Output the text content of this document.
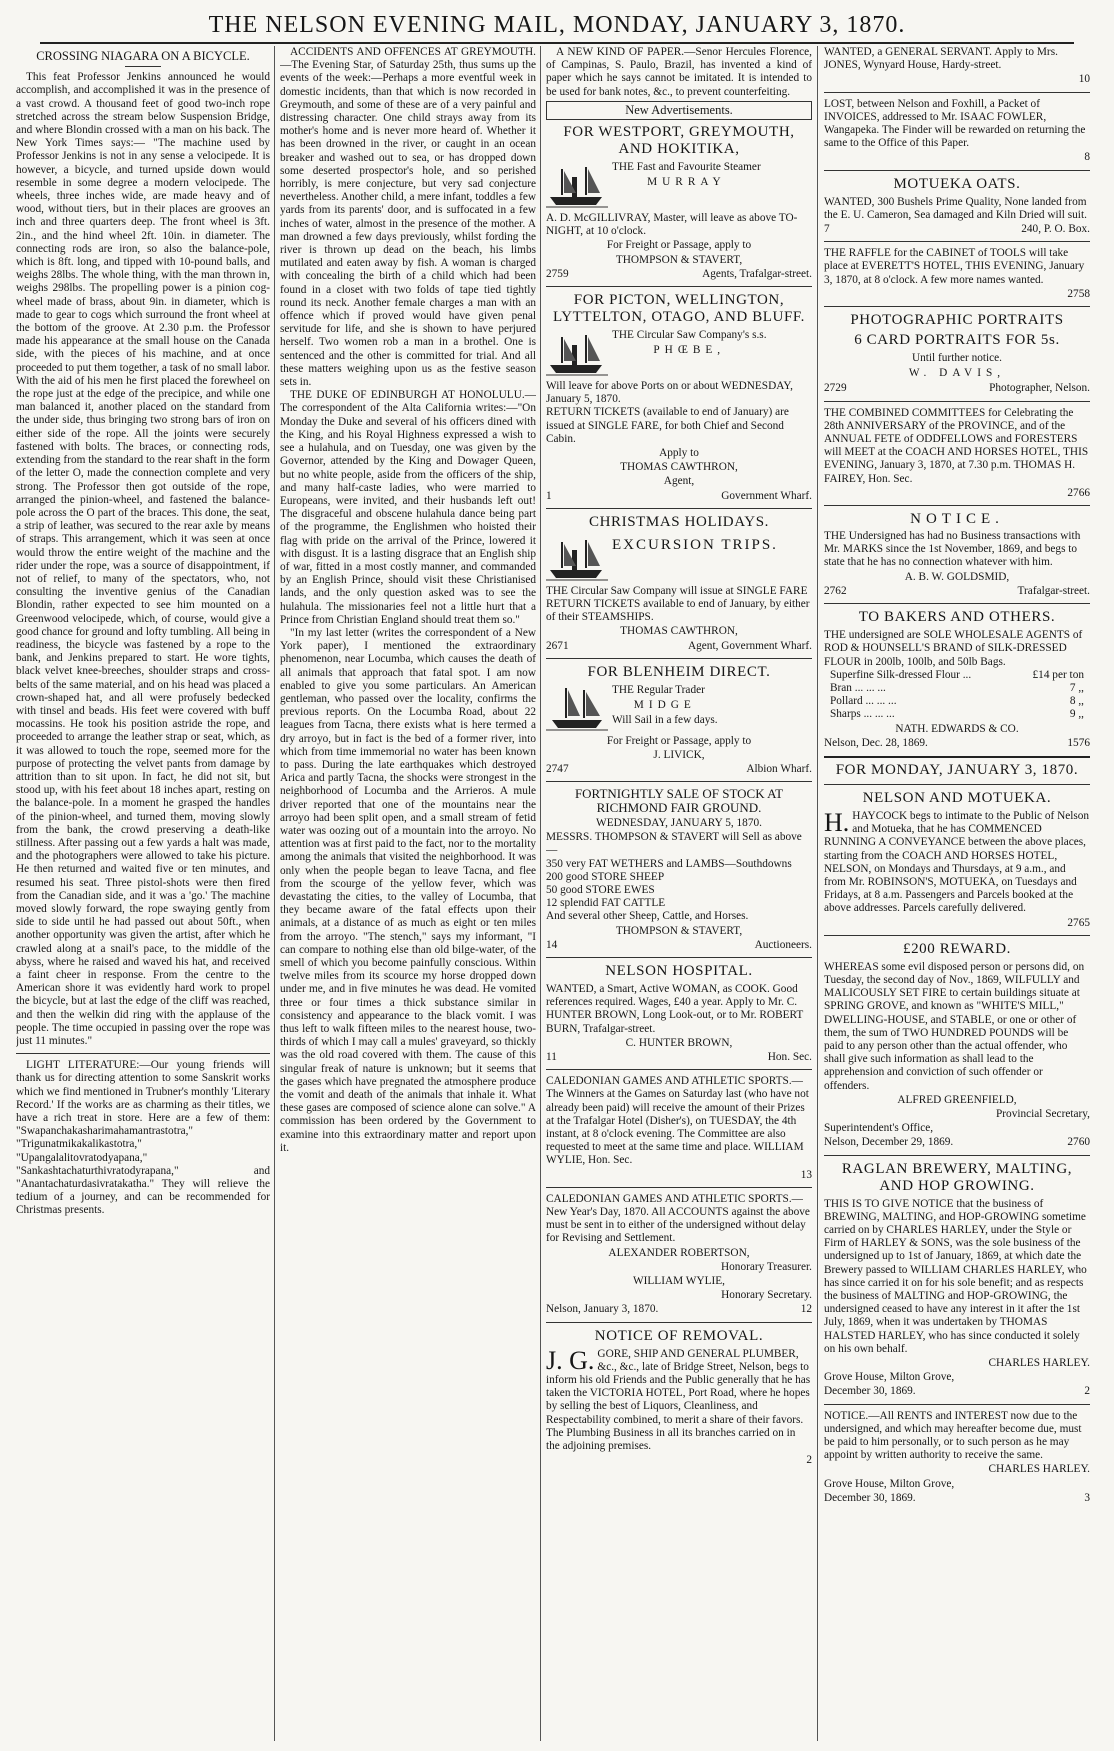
THE NELSON EVENING MAIL, MONDAY, JANUARY 3, 1870.
CROSSING NIAGARA ON A BICYCLE.

This feat Professor Jenkins announced he would accomplish, and accomplished it was in the presence of a vast crowd. A thousand feet of good two-inch rope stretched across the stream below Suspension Bridge, and where Blondin crossed with a man on his back. The New York Times says:— "The machine used by Professor Jenkins is not in any sense a velocipede. It is however, a bicycle, and turned upside down would resemble in some degree a modern velocipede. The wheels, three inches wide, are made heavy and of wood, without tiers, but in their places are grooves an inch and three quarters deep. The front wheel is 3ft. 2in., and the hind wheel 2ft. 10in. in diameter. The connecting rods are iron, so also the balance-pole, which is 8ft. long, and tipped with 10-pound balls, and weighs 28lbs. The whole thing, with the man thrown in, weighs 298lbs. The propelling power is a pinion cog-wheel made of brass, about 9in. in diameter, which is made to gear to cogs which surround the front wheel at the bottom of the groove. At 2.30 p.m. the Professor made his appearance at the small house on the Canada side, with the pieces of his machine, and at once proceeded to put them together, a task of no small labor. With the aid of his men he first placed the forewheel on the rope just at the edge of the precipice, and while one man balanced it, another placed on the standard from the under side, thus bringing two strong bars of iron on either side of the rope. All the joints were securely fastened with bolts. The braces, or connecting rods, extending from the standard to the rear shaft in the form of the letter O, made the connection complete and very strong. The Professor then got outside of the rope, arranged the pinion-wheel, and fastened the balance-pole across the O part of the braces. This done, the seat, a strip of leather, was secured to the rear axle by means of straps. This arrangement, which it was seen at once would throw the entire weight of the machine and the rider under the rope, was a source of disappointment, if not of relief, to many of the spectators, who, not consulting the inventive genius of the Canadian Blondin, rather expected to see him mounted on a Greenwood velocipede, which, of course, would give a good chance for ground and lofty tumbling. All being in readiness, the bicycle was fastened by a rope to the bank, and Jenkins prepared to start. He wore tights, black velvet knee-breeches, shoulder straps and cross-belts of the same material, and on his head was placed a crown-shaped hat, and all were profusely bedecked with tinsel and beads. His feet were covered with buff mocassins. He took his position astride the rope, and proceeded to arrange the leather strap or seat, which, as it was allowed to touch the rope, seemed more for the purpose of protecting the velvet pants from damage by attrition than to sit upon. In fact, he did not sit, but stood up, with his feet about 18 inches apart, resting on the balance-pole. In a moment he grasped the handles of the pinion-wheel, and turned them, moving slowly from the bank, the crowd preserving a death-like stillness. After passing out a few yards a halt was made, and the photographers were allowed to take his picture. He then returned and waited five or ten minutes, and resumed his seat. Three pistol-shots were then fired from the Canadian side, and it was a 'go.' The machine moved slowly forward, the rope swaying gently from side to side until he had passed out about 50ft., when another opportunity was given the artist, after which he crawled along at a snail's pace, to the middle of the abyss, where he raised and waved his hat, and received a faint cheer in response. From the centre to the American shore it was evidently hard work to propel the bicycle, but at last the edge of the cliff was reached, and then the welkin did ring with the applause of the people. The time occupied in passing over the rope was just 11 minutes."

LIGHT LITERATURE:—Our young friends will thank us for directing attention to some Sanskrit works which we find mentioned in Trubner's monthly 'Literary Record.' If the works are as charming as their titles, we have a rich treat in store. Here are a few of them: "Swapanchakasharimahamantrastotra," "Trigunatmikakalikastotra," "Upangalalitovratodyapana," "Sankashtachaturthivratodyrapana," and "Anantachaturdasivratakatha." They will relieve the tedium of a journey, and can be recommended for Christmas presents.

ACCIDENTS AND OFFENCES AT GREYMOUTH.—The Evening Star, of Saturday 25th, thus sums up the events of the week:—Perhaps a more eventful week in domestic incidents, than that which is now recorded in Greymouth, and some of these are of a very painful and distressing character. One child strays away from its mother's home and is never more heard of. Whether it has been drowned in the river, or caught in an ocean breaker and washed out to sea, or has dropped down some deserted prospector's hole, and so perished horribly, is mere conjecture, but very sad conjecture nevertheless. Another child, a mere infant, toddles a few yards from its parents' door, and is suffocated in a few inches of water, almost in the presence of the mother. A man drowned a few days previously, whilst fording the river is thrown up dead on the beach, his limbs mutilated and eaten away by fish. A woman is charged with concealing the birth of a child which had been found in a closet with two folds of tape tied tightly round its neck. Another female charges a man with an offence which if proved would have given penal servitude for life, and she is shown to have perjured herself. Two women rob a man in a brothel. One is sentenced and the other is committed for trial. And all these matters weighing upon us as the festive season sets in.

THE DUKE OF EDINBURGH AT HONOLULU.—The correspondent of the Alta California writes:—"On Monday the Duke and several of his officers dined with the King, and his Royal Highness expressed a wish to see a hulahula, and on Tuesday, one was given by the Governor, attended by the King and Dowager Queen, but no white people, aside from the officers of the ship, and many half-caste ladies, who were married to Europeans, were invited, and their husbands left out! The disgraceful and obscene hulahula dance being part of the programme, the Englishmen who hoisted their flag with pride on the arrival of the Prince, lowered it with disgust. It is a lasting disgrace that an English ship of war, fitted in a most costly manner, and commanded by an English Prince, should visit these Christianised lands, and the only question asked was to see the hulahula. The missionaries feel not a little hurt that a Prince from Christian England should treat them so."

"In my last letter (writes the correspondent of a New York paper), I mentioned the extraordinary phenomenon, near Locumba, which causes the death of all animals that approach that fatal spot. I am now enabled to give you some particulars. An American gentleman, who passed over the locality, confirms the previous reports. On the Locumba Road, about 22 leagues from Tacna, there exists what is here termed a dry arroyo, but in fact is the bed of a former river, into which from time immemorial no water has been known to pass. During the late earthquakes which destroyed Arica and partly Tacna, the shocks were strongest in the neighborhood of Locumba and the Arrieros. A mule driver reported that one of the mountains near the arroyo had been split open, and a small stream of fetid water was oozing out of a mountain into the arroyo. No attention was at first paid to the fact, nor to the mortality among the animals that visited the neighborhood. It was only when the people began to leave Tacna, and flee from the scourge of the yellow fever, which was devastating the cities, to the valley of Locumba, that they became aware of the fatal effects upon their animals, at a distance of as much as eight or ten miles from the arroyo. "The stench," says my informant, "I can compare to nothing else than old bilge-water, of the smell of which you become painfully conscious. Within twelve miles from its scource my horse dropped down under me, and in five minutes he was dead. He vomited three or four times a thick substance similar in consistency and appearance to the black vomit. I was thus left to walk fifteen miles to the nearest house, two-thirds of which I may call a mules' graveyard, so thickly was the old road covered with them. The cause of this singular freak of nature is unknown; but it seems that the gases which have pregnated the atmosphere produce the vomit and death of the animals that inhale it. What these gases are composed of science alone can solve." A commission has been ordered by the Government to examine into this extraordinary matter and report upon it.

A NEW KIND OF PAPER.—Senor Hercules Florence, of Campinas, S. Paulo, Brazil, has invented a kind of paper which he says cannot be imitated. It is intended to be used for bank notes, &c., to prevent counterfeiting.

New Advertisements.
FOR WESTPORT, GREYMOUTH, AND HOKITIKA,
THE Fast and Favourite Steamer
MURRAY

A. D. McGILLIVRAY, Master, will leave as above TO-NIGHT, at 10 o'clock.

For Freight or Passage, apply to
THOMPSON & STAVERT,
2759	Agents, Trafalgar-street.
FOR PICTON, WELLINGTON, LYTTELTON, OTAGO, AND BLUFF.
THE Circular Saw Company's s.s.
PHŒBE,

Will leave for above Ports on or about WEDNESDAY, January 5, 1870.

RETURN TICKETS (available to end of January) are issued at SINGLE FARE, for both Chief and Second Cabin.

Apply to
THOMAS CAWTHRON,
Agent,
1	Government Wharf.
CHRISTMAS HOLIDAYS.
EXCURSION TRIPS.

THE Circular Saw Company will issue at SINGLE FARE RETURN TICKETS available to end of January, by either of their STEAMSHIPS.

THOMAS CAWTHRON,
2671	Agent, Government Wharf.
FOR BLENHEIM DIRECT.
THE Regular Trader
MIDGE
Will Sail in a few days.
For Freight or Passage, apply to
J. LIVICK,
2747	Albion Wharf.
FORTNIGHTLY SALE OF STOCK AT RICHMOND FAIR GROUND.
WEDNESDAY, JANUARY 5, 1870.

MESSRS. THOMPSON & STAVERT will Sell as above—

350 very FAT WETHERS and LAMBS—Southdowns
200 good STORE SHEEP
50 good STORE EWES
12 splendid FAT CATTLE
And several other Sheep, Cattle, and Horses.
THOMPSON & STAVERT,
14	Auctioneers.
NELSON HOSPITAL.

WANTED, a Smart, Active WOMAN, as COOK. Good references required. Wages, £40 a year. Apply to Mr. C. HUNTER BROWN, Long Look-out, or to Mr. ROBERT BURN, Trafalgar-street.

C. HUNTER BROWN,
11	Hon. Sec.

CALEDONIAN GAMES AND ATHLETIC SPORTS.—The Winners at the Games on Saturday last (who have not already been paid) will receive the amount of their Prizes at the Trafalgar Hotel (Disher's), on TUESDAY, the 4th instant, at 8 o'clock evening. The Committee are also requested to meet at the same time and place. WILLIAM WYLIE, Hon. Sec.

13

CALEDONIAN GAMES AND ATHLETIC SPORTS.—New Year's Day, 1870. All ACCOUNTS against the above must be sent in to either of the undersigned without delay for Revising and Settlement.

ALEXANDER ROBERTSON,
Honorary Treasurer.
WILLIAM WYLIE,
Honorary Secretary.
Nelson, January 3, 1870.	12
NOTICE OF REMOVAL.

J. G. GORE, SHIP AND GENERAL PLUMBER, &c., &c., late of Bridge Street, Nelson, begs to inform his old Friends and the Public generally that he has taken the VICTORIA HOTEL, Port Road, where he hopes by selling the best of Liquors, Cleanliness, and Respectability combined, to merit a share of their favors. The Plumbing Business in all its branches carried on in the adjoining premises.

2

WANTED, a GENERAL SERVANT. Apply to Mrs. JONES, Wynyard House, Hardy-street.

10

LOST, between Nelson and Foxhill, a Packet of INVOICES, addressed to Mr. ISAAC FOWLER, Wangapeka. The Finder will be rewarded on returning the same to the Office of this Paper.

8
MOTUEKA OATS.

WANTED, 300 Bushels Prime Quality, None landed from the E. U. Cameron, Sea damaged and Kiln Dried will suit.

7	240, P. O. Box.

THE RAFFLE for the CABINET of TOOLS will take place at EVERETT'S HOTEL, THIS EVENING, January 3, 1870, at 8 o'clock. A few more names wanted.

2758
PHOTOGRAPHIC PORTRAITS
6 CARD PORTRAITS FOR 5s.
Until further notice.
W. DAVIS,
2729	Photographer, Nelson.

THE COMBINED COMMITTEES for Celebrating the 28th ANNIVERSARY of the PROVINCE, and of the ANNUAL FETE of ODDFELLOWS and FORESTERS will MEET at the COACH AND HORSES HOTEL, THIS EVENING, January 3, 1870, at 7.30 p.m. THOMAS H. FAIREY, Hon. Sec.

2766
NOTICE.

THE Undersigned has had no Business transactions with Mr. MARKS since the 1st November, 1869, and begs to state that he has no connection whatever with him.

A. B. W. GOLDSMID,
2762	Trafalgar-street.
TO BAKERS AND OTHERS.

THE undersigned are SOLE WHOLESALE AGENTS of ROD & HOUNSELL'S BRAND of SILK-DRESSED FLOUR in 200lb, 100lb, and 50lb Bags.

Superfine Silk-dressed Flour ...	£14 per ton
Bran ... ... ...	7 ,,
Pollard ... ... ...	8 ,,
Sharps ... ... ...	9 ,,
NATH. EDWARDS & CO.
Nelson, Dec. 28, 1869.	1576
FOR MONDAY, JANUARY 3, 1870.
NELSON AND MOTUEKA.

H. HAYCOCK begs to intimate to the Public of Nelson and Motueka, that he has COMMENCED RUNNING A CONVEYANCE between the above places, starting from the COACH AND HORSES HOTEL, NELSON, on Mondays and Thursdays, at 9 a.m., and from Mr. ROBINSON'S, MOTUEKA, on Tuesdays and Fridays, at 8 a.m. Passengers and Parcels booked at the above addresses. Parcels carefully delivered.

2765
£200 REWARD.

WHEREAS some evil disposed person or persons did, on Tuesday, the second day of Nov., 1869, WILFULLY and MALICOUSLY SET FIRE to certain buildings situate at SPRING GROVE, and known as "WHITE'S MILL," DWELLING-HOUSE, and STABLE, or one or other of them, the sum of TWO HUNDRED POUNDS will be paid to any person other than the actual offender, who shall give such information as shall lead to the apprehension and conviction of such offender or offenders.

ALFRED GREENFIELD,
Provincial Secretary,
Superintendent's Office,
Nelson, December 29, 1869.	2760
RAGLAN BREWERY, MALTING, AND HOP GROWING.

THIS IS TO GIVE NOTICE that the business of BREWING, MALTING, and HOP-GROWING sometime carried on by CHARLES HARLEY, under the Style or Firm of HARLEY & SONS, was the sole business of the undersigned up to 1st of January, 1869, at which date the Brewery passed to WILLIAM CHARLES HARLEY, who has since carried it on for his sole benefit; and as respects the business of MALTING and HOP-GROWING, the undersigned ceased to have any interest in it after the 1st July, 1869, when it was undertaken by THOMAS HALSTED HARLEY, who has since conducted it solely on his own behalf.

CHARLES HARLEY.
Grove House, Milton Grove,
December 30, 1869.	2

NOTICE.—All RENTS and INTEREST now due to the undersigned, and which may hereafter become due, must be paid to him personally, or to such person as he may appoint by written authority to receive the same.

CHARLES HARLEY.
Grove House, Milton Grove,
December 30, 1869.	3
